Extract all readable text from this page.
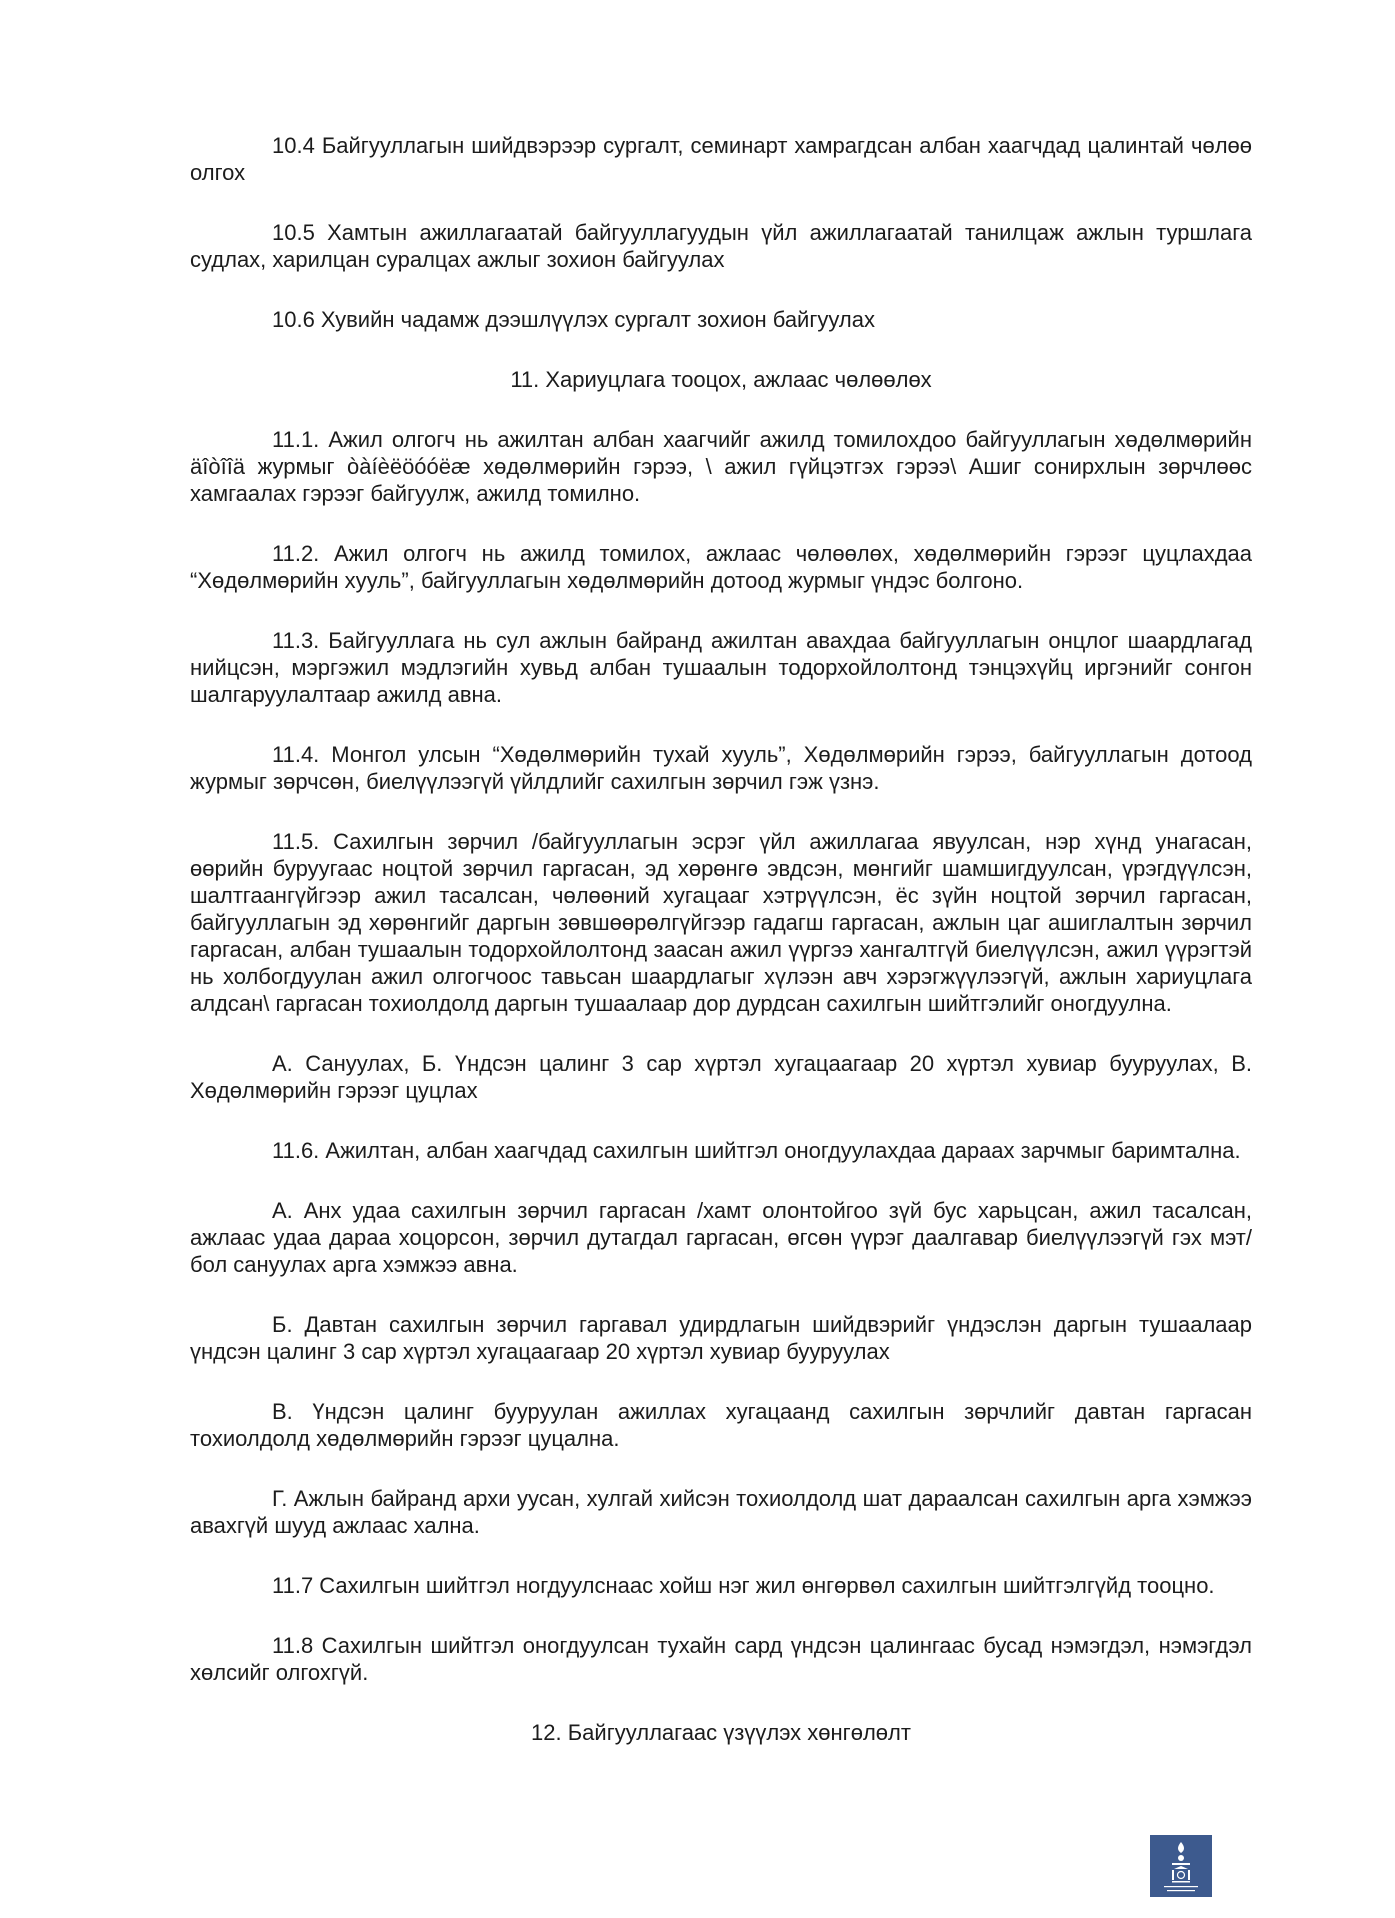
10.4 Байгууллагын шийдвэрээр сургалт, семинарт хамрагдсан албан хаагчдад цалинтай чөлөө олгох

10.5 Хамтын ажиллагаатай байгууллагуудын үйл ажиллагаатай танилцаж ажлын туршлага судлах, харилцан суралцах ажлыг зохион байгуулах

10.6 Хувийн чадамж дээшлүүлэх сургалт зохион байгуулах

11. Хариуцлага тооцох, ажлаас чөлөөлөх

11.1. Ажил олгогч нь ажилтан албан хаагчийг ажилд томилохдоо байгууллагын хөдөлмөрийн äîòîîä журмыг òàíèëöóóëæ хөдөлмөрийн гэрээ, \ ажил гүйцэтгэх гэрээ\ Ашиг сонирхлын зөрчлөөс хамгаалах гэрээг байгуулж, ажилд томилно.

11.2. Ажил олгогч нь ажилд томилох, ажлаас чөлөөлөх, хөдөлмөрийн гэрээг цуцлахдаа “Хөдөлмөрийн хууль”, байгууллагын хөдөлмөрийн дотоод журмыг үндэс болгоно.

11.3. Байгууллага нь сул ажлын байранд ажилтан авахдаа байгууллагын онцлог шаардлагад нийцсэн, мэргэжил мэдлэгийн хувьд албан тушаалын тодорхойлолтонд тэнцэхүйц иргэнийг сонгон шалгаруулалтаар ажилд авна.

11.4. Монгол улсын “Хөдөлмөрийн тухай хууль”, Хөдөлмөрийн гэрээ, байгууллагын дотоод журмыг зөрчсөн, биелүүлээгүй үйлдлийг сахилгын зөрчил гэж үзнэ.

11.5. Сахилгын зөрчил /байгууллагын эсрэг үйл ажиллагаа явуулсан, нэр хүнд унагасан, өөрийн буруугаас ноцтой зөрчил гаргасан, эд хөрөнгө эвдсэн, мөнгийг шамшигдуулсан, үрэгдүүлсэн, шалтгаангүйгээр ажил тасалсан, чөлөөний хугацааг хэтрүүлсэн, ёс зүйн ноцтой зөрчил гаргасан, байгууллагын эд хөрөнгийг даргын зөвшөөрөлгүйгээр гадагш гаргасан, ажлын цаг ашиглалтын зөрчил гаргасан, албан тушаалын тодорхойлолтонд заасан ажил үүргээ хангалтгүй биелүүлсэн, ажил үүрэгтэй нь холбогдуулан ажил олгогчоос тавьсан шаардлагыг хүлээн авч хэрэгжүүлээгүй, ажлын хариуцлага алдсан\ гаргасан тохиолдолд даргын тушаалаар дор дурдсан сахилгын шийтгэлийг оногдуулна.

А. Сануулах, Б. Үндсэн цалинг 3 сар хүртэл хугацаагаар 20 хүртэл хувиар бууруулах, В. Хөдөлмөрийн гэрээг цуцлах

11.6. Ажилтан, албан хаагчдад сахилгын шийтгэл оногдуулахдаа дараах зарчмыг баримтална.

А. Анх удаа сахилгын зөрчил гаргасан /хамт олонтойгоо зүй бус харьцсан, ажил тасалсан, ажлаас удаа дараа хоцорсон, зөрчил дутагдал гаргасан, өгсөн үүрэг даалгавар биелүүлээгүй гэх мэт/ бол сануулах арга хэмжээ авна.

Б. Давтан сахилгын зөрчил гаргавал удирдлагын шийдвэрийг үндэслэн даргын тушаалаар үндсэн цалинг 3 сар хүртэл хугацаагаар 20 хүртэл хувиар бууруулах

В. Үндсэн цалинг бууруулан ажиллах хугацаанд сахилгын зөрчлийг давтан гаргасан тохиолдолд хөдөлмөрийн гэрээг цуцална.

Г. Ажлын байранд архи уусан, хулгай хийсэн тохиолдолд шат дараалсан сахилгын арга хэмжээ авахгүй шууд ажлаас хална.

11.7 Сахилгын шийтгэл ногдуулснаас хойш нэг жил өнгөрвөл сахилгын шийтгэлгүйд тооцно.

11.8 Сахилгын шийтгэл оногдуулсан тухайн сард үндсэн цалингаас бусад нэмэгдэл, нэмэгдэл хөлсийг олгохгүй.

12. Байгууллагаас үзүүлэх хөнгөлөлт
